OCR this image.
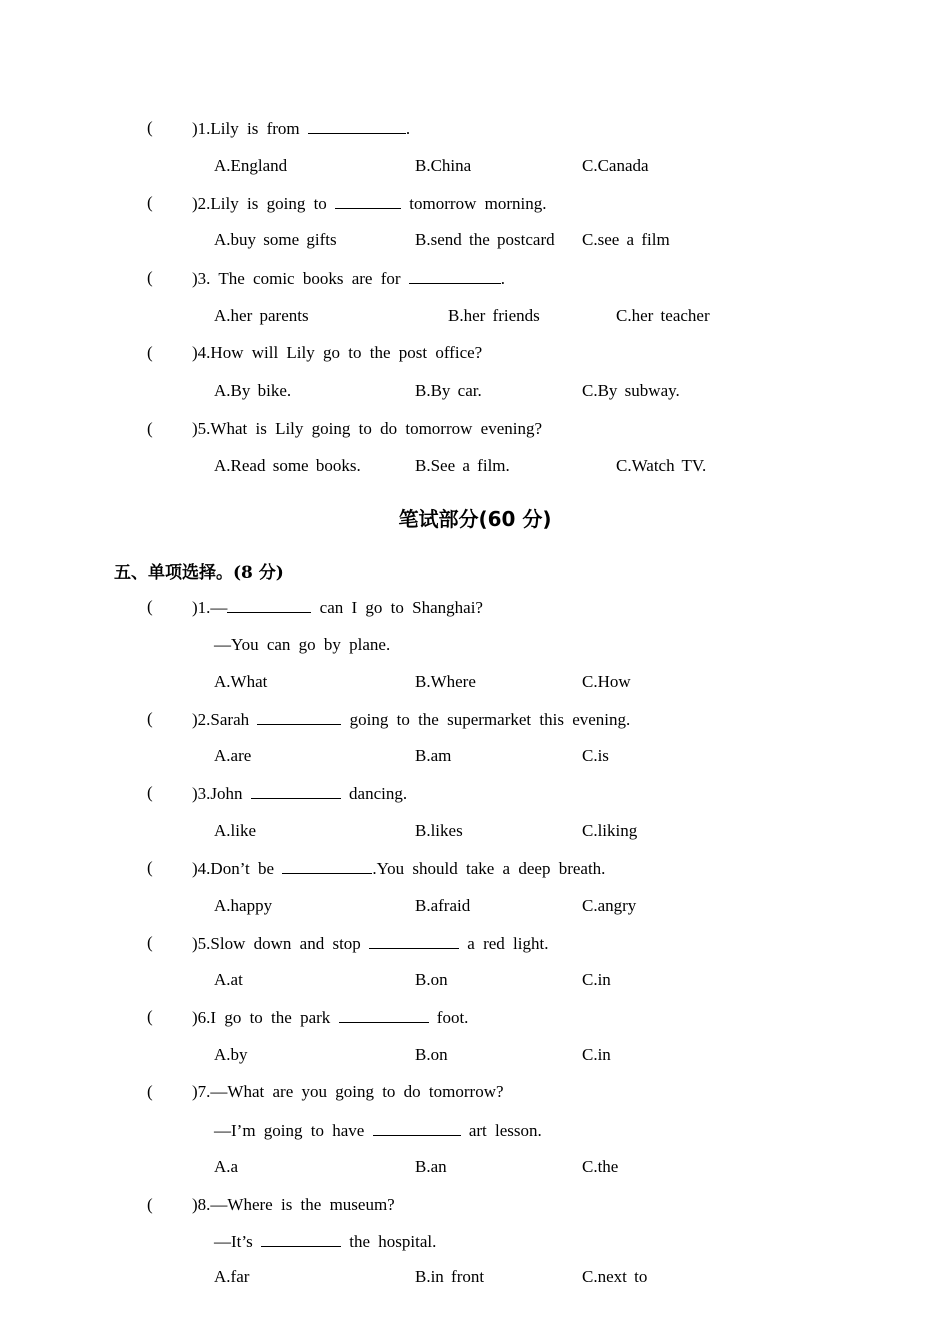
笔试部分(60 分)
五、单项选择。(8 分)
( )1.Lily is from	.
A.England	B.China	C.Canada
( )2.Lily is going to	tomorrow morning.
A.buy some gifts	B.send the postcard C.see a film
( )3. The comic books are for	.
A.her parents	B.her friends	C.her teacher
( )4.How will Lily go to the post office?
A.By bike.	B.By car.	C.By subway.
( )5.What is Lily going to do tomorrow evening?
A.Read some books.	B.See a film.	C.Watch TV.
( )1.—	can I go to Shanghai?
—You can go by plane.
A.What	B.Where	C.How
( )2.Sarah	going to the supermarket this evening.
A.are	B.am	C.is
( )3.John	dancing.
A.like	B.likes	C.liking
( )4.Don’t be	.You should take a deep breath.
A.happy	B.afraid	C.angry
( )5.Slow down and stop	a red light.
A.at	B.on	C.in
( )6.I go to the park	foot.
A.by	B.on	C.in
( )7.—What are you going to do tomorrow?
—I’m going to have	art lesson.
A.a	B.an	C.the
( )8.—Where is the museum?
—It’s	the hospital.
A.far	B.in front	C.next to
